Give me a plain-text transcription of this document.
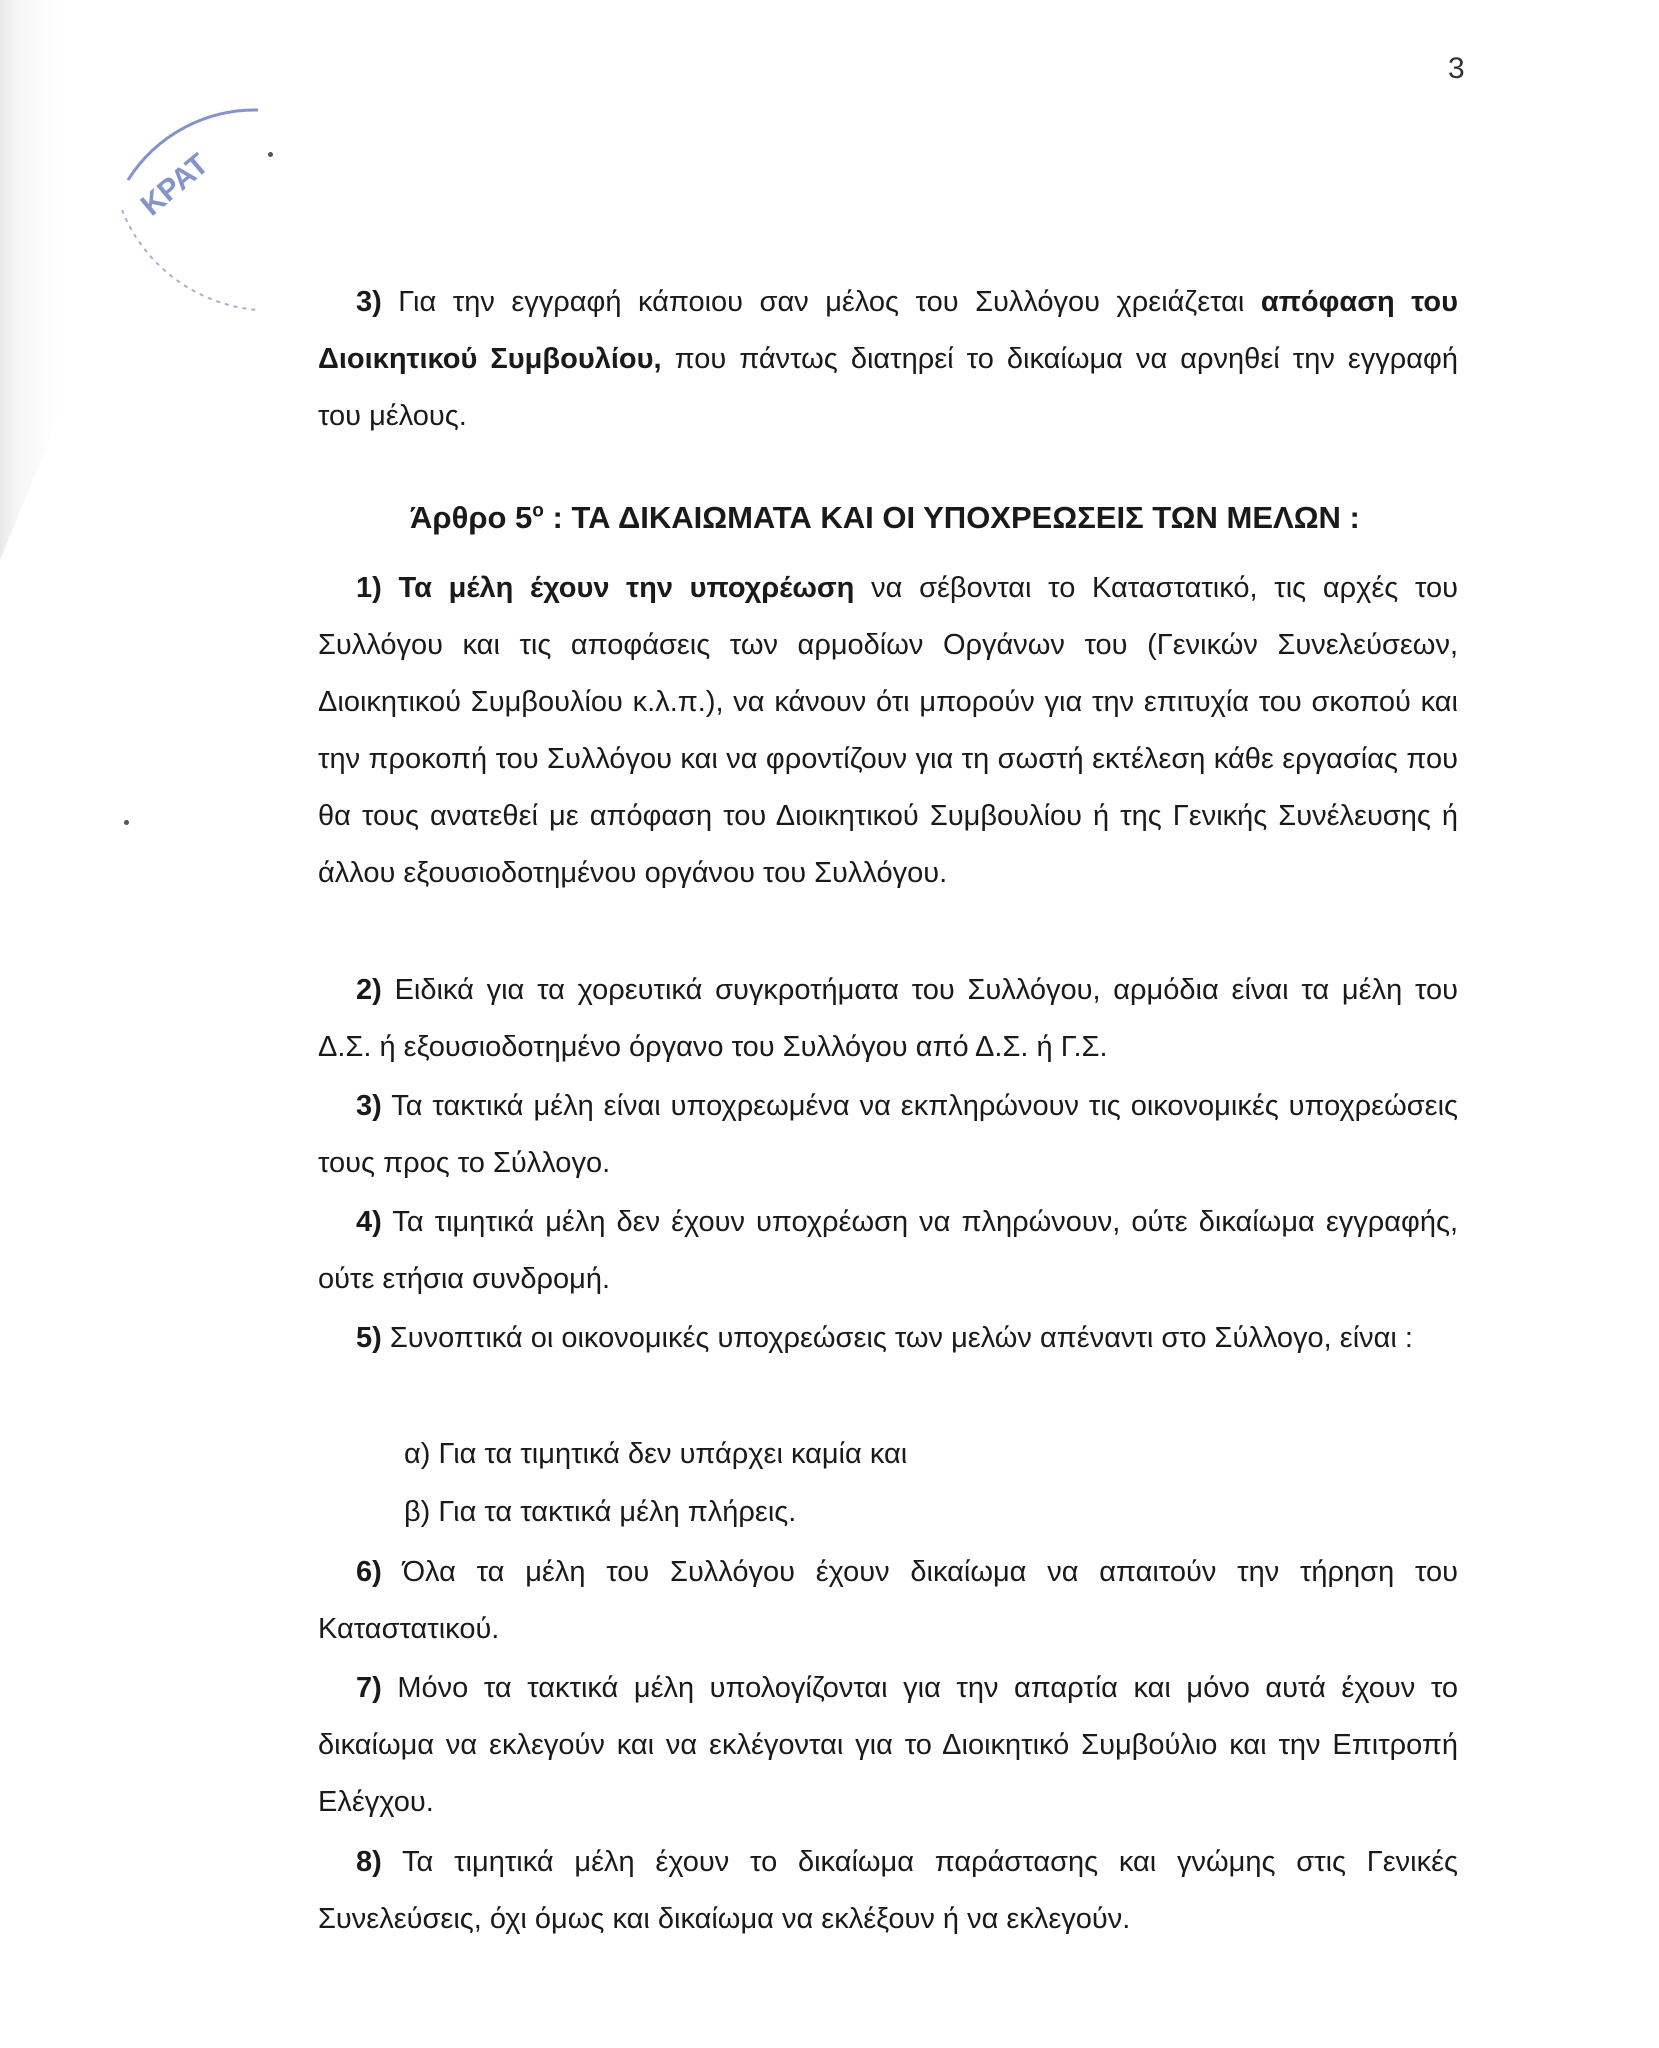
3
ΚΡΑΤ

3) Για την εγγραφή κάποιου σαν μέλος του Συλλόγου χρειάζεται απόφαση του Διοικητικού Συμβουλίου, που πάντως διατηρεί το δικαίωμα να αρνηθεί την εγγραφή του μέλους.

Άρθρο $5^o$ : ΤΑ ΔΙΚΑΙΩΜΑΤΑ ΚΑΙ ΟΙ ΥΠΟΧΡΕΩΣΕΙΣ ΤΩΝ ΜΕΛΩΝ :

1) Τα μέλη έχουν την υποχρέωση να σέβονται το Καταστατικό, τις αρχές του Συλλόγου και τις αποφάσεις των αρμοδίων Οργάνων του (Γενικών Συνελεύσεων, Διοικητικού Συμβουλίου κ.λ.π.), να κάνουν ότι μπορούν για την επιτυχία του σκοπού και την προκοπή του Συλλόγου και να φροντίζουν για τη σωστή εκτέλεση κάθε εργασίας που θα τους ανατεθεί με απόφαση του Διοικητικού Συμβουλίου ή της Γενικής Συνέλευσης ή άλλου εξουσιοδοτημένου οργάνου του Συλλόγου.

2) Ειδικά για τα χορευτικά συγκροτήματα του Συλλόγου, αρμόδια είναι τα μέλη του Δ.Σ. ή εξουσιοδοτημένο όργανο του Συλλόγου από Δ.Σ. ή Γ.Σ.

3) Τα τακτικά μέλη είναι υποχρεωμένα να εκπληρώνουν τις οικονομικές υποχρεώσεις τους προς το Σύλλογο.

4) Τα τιμητικά μέλη δεν έχουν υποχρέωση να πληρώνουν, ούτε δικαίωμα εγγραφής, ούτε ετήσια συνδρομή.

5) Συνοπτικά οι οικονομικές υποχρεώσεις των μελών απέναντι στο Σύλλογο, είναι :

α) Για τα τιμητικά δεν υπάρχει καμία και

β) Για τα τακτικά μέλη πλήρεις.

6) Όλα τα μέλη του Συλλόγου έχουν δικαίωμα να απαιτούν την τήρηση του Καταστατικού.

7) Μόνο τα τακτικά μέλη υπολογίζονται για την απαρτία και μόνο αυτά έχουν το δικαίωμα να εκλεγούν και να εκλέγονται για το Διοικητικό Συμβούλιο και την Επιτροπή Ελέγχου.

8) Τα τιμητικά μέλη έχουν το δικαίωμα παράστασης και γνώμης στις Γενικές Συνελεύσεις, όχι όμως και δικαίωμα να εκλέξουν ή να εκλεγούν.
